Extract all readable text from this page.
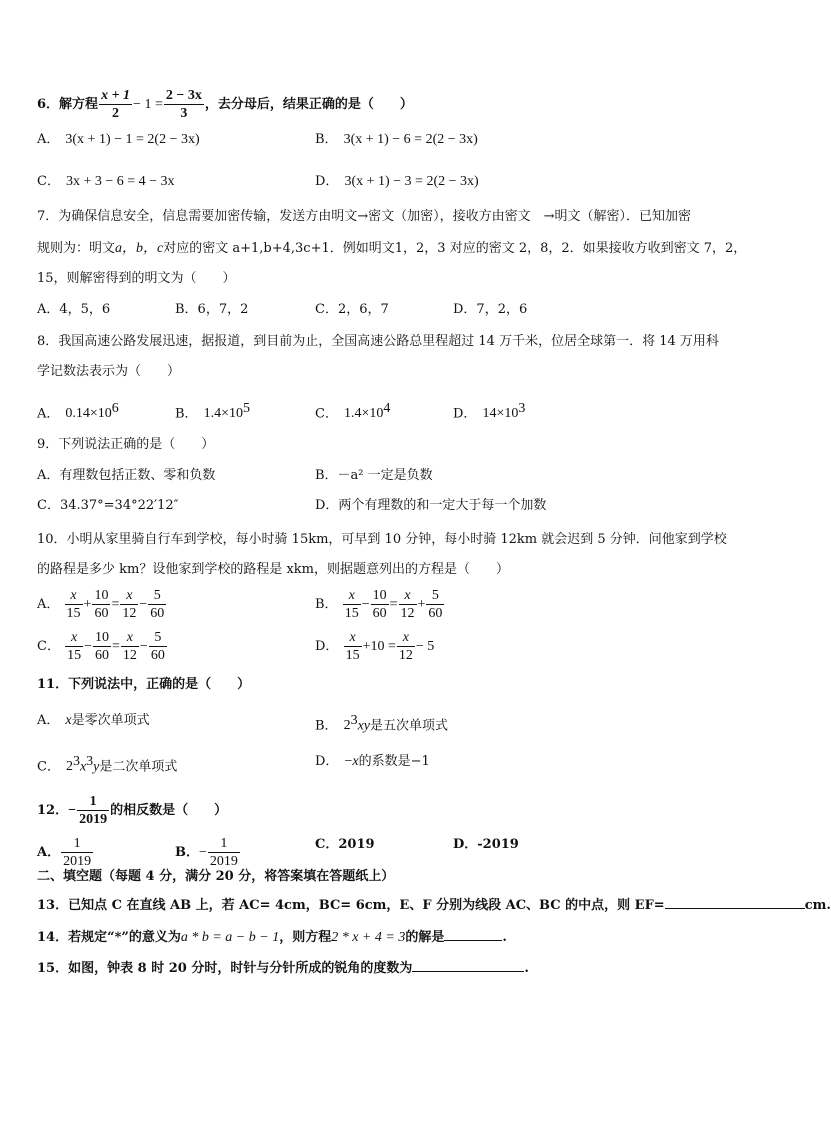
6．解方程 $\frac{x + 1}{2} - 1 = \frac{2 - 3x}{3}$ ，去分母后，结果正确的是（　　）
A． 3(x + 1) − 1 = 2(2 − 3x)	B． 3(x + 1) − 6 = 2(2 − 3x)
C． 3x + 3 − 6 = 4 − 3x	D． 3(x + 1) − 3 = 2(2 − 3x)
7．为确保信息安全，信息需要加密传输，发送方由明文→密文（加密），接收方由密文　→明文（解密）．已知加密
规则为：明文a，b，c对应的密文 a+1,b+4,3c+1．例如明文1，2，3 对应的密文 2，8，2．如果接收方收到密文 7，2，
15，则解密得到的明文为（　　）
A．4，5，6	B．6，7，2	C．2，6，7	D．7，2，6
8．我国高速公路发展迅速，据报道，到目前为止，全国高速公路总里程超过 14 万千米，位居全球第一．将 14 万用科
学记数法表示为（　　）
A． $0.14\times 10^6$	B． $1.4\times 10^5$	C． $1.4\times 10^4$	D． $14\times 10^3$
9．下列说法正确的是（　　）
A．有理数包括正数、零和负数	B．－a² 一定是负数
C．34.37°=34°22′12″	D．两个有理数的和一定大于每一个加数
10．小明从家里骑自行车到学校，每小时骑 15km，可早到 10 分钟，每小时骑 12km 就会迟到 5 分钟．问他家到学校
的路程是多少 km？设他家到学校的路程是 xkm，则据题意列出的方程是（　　）
A． $\frac{x}{15} + \frac{10}{60} = \frac{x}{12} - \frac{5}{60}$	B． $\frac{x}{15} - \frac{10}{60} = \frac{x}{12} + \frac{5}{60}$
C． $\frac{x}{15} - \frac{10}{60} = \frac{x}{12} - \frac{5}{60}$	D． $\frac{x}{15} +10 = \frac{x}{12} - 5$
11．下列说法中，正确的是（　　）
A． x是零次单项式	B． $2^3xy$是五次单项式
C． $2^3x^3y$是二次单项式	D． −x的系数是−1
12．− $\frac{1}{2019}$ 的相反数是（　　）
A． $\frac{1}{2019}$	B．− $\frac{1}{2019}$	C．2019	D．-2019
二、填空题（每题 4 分，满分 20 分，将答案填在答题纸上）
13．已知点 C 在直线 AB 上，若 AC= 4cm，BC= 6cm，E、F 分别为线段 AC、BC 的中点，则 EF=	cm.
14．若规定“*”的意义为a * b = a − b − 1，则方程2 * x + 4 = 3的解是	.
15．如图，钟表 8 时 20 分时，时针与分针所成的锐角的度数为	.
